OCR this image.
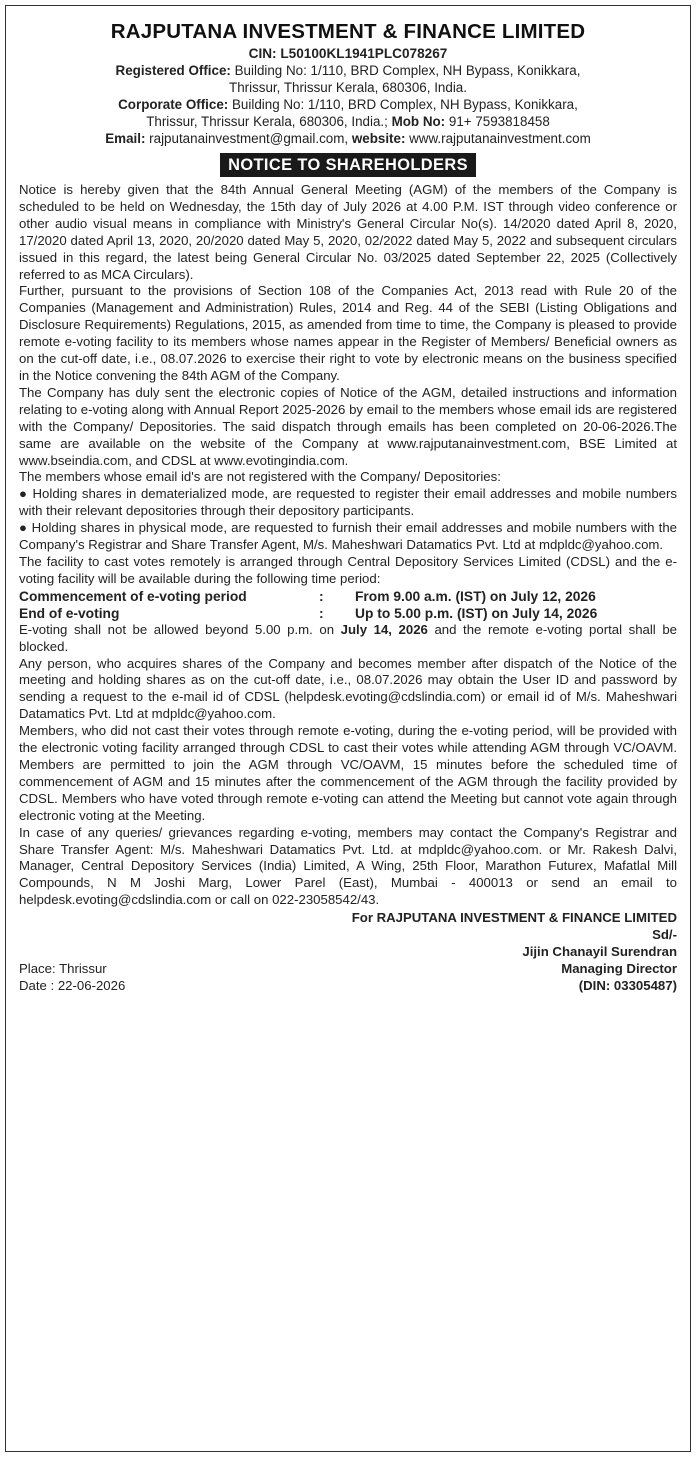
RAJPUTANA INVESTMENT & FINANCE LIMITED
CIN: L50100KL1941PLC078267
Registered Office: Building No: 1/110, BRD Complex, NH Bypass, Konikkara,
Thrissur, Thrissur Kerala, 680306, India.
Corporate Office: Building No: 1/110, BRD Complex, NH Bypass, Konikkara,
Thrissur, Thrissur Kerala, 680306, India.; Mob No: 91+ 7593818458
Email: rajputanainvestment@gmail.com, website: www.rajputanainvestment.com
NOTICE TO SHAREHOLDERS

Notice is hereby given that the 84th Annual General Meeting (AGM) of the members of the Company is scheduled to be held on Wednesday, the 15th day of July 2026 at 4.00 P.M. IST through video conference or other audio visual means in compliance with Ministry's General Circular No(s). 14/2020 dated April 8, 2020, 17/2020 dated April 13, 2020, 20/2020 dated May 5, 2020, 02/2022 dated May 5, 2022 and subsequent circulars issued in this regard, the latest being General Circular No. 03/2025 dated September 22, 2025 (Collectively referred to as MCA Circulars).

Further, pursuant to the provisions of Section 108 of the Companies Act, 2013 read with Rule 20 of the Companies (Management and Administration) Rules, 2014 and Reg. 44 of the SEBI (Listing Obligations and Disclosure Requirements) Regulations, 2015, as amended from time to time, the Company is pleased to provide remote e-voting facility to its members whose names appear in the Register of Members/ Beneficial owners as on the cut-off date, i.e., 08.07.2026 to exercise their right to vote by electronic means on the business specified in the Notice convening the 84th AGM of the Company.

The Company has duly sent the electronic copies of Notice of the AGM, detailed instructions and information relating to e-voting along with Annual Report 2025-2026 by email to the members whose email ids are registered with the Company/ Depositories. The said dispatch through emails has been completed on 20-06-2026.The same are available on the website of the Company at www.rajputanainvestment.com, BSE Limited at www.bseindia.com, and CDSL at www.evotingindia.com.

The members whose email id's are not registered with the Company/ Depositories:

● Holding shares in dematerialized mode, are requested to register their email addresses and mobile numbers with their relevant depositories through their depository participants.

● Holding shares in physical mode, are requested to furnish their email addresses and mobile numbers with the Company's Registrar and Share Transfer Agent, M/s. Maheshwari Datamatics Pvt. Ltd at mdpldc@yahoo.com.

The facility to cast votes remotely is arranged through Central Depository Services Limited (CDSL) and the e-voting facility will be available during the following time period:

Commencement of e-voting period	:	From 9.00 a.m. (IST) on July 12, 2026
End of e-voting	:	Up to 5.00 p.m. (IST) on July 14, 2026

E-voting shall not be allowed beyond 5.00 p.m. on July 14, 2026 and the remote e-voting portal shall be blocked.

Any person, who acquires shares of the Company and becomes member after dispatch of the Notice of the meeting and holding shares as on the cut-off date, i.e., 08.07.2026 may obtain the User ID and password by sending a request to the e-mail id of CDSL (helpdesk.evoting@cdslindia.com) or email id of M/s. Maheshwari Datamatics Pvt. Ltd at mdpldc@yahoo.com.

Members, who did not cast their votes through remote e-voting, during the e-voting period, will be provided with the electronic voting facility arranged through CDSL to cast their votes while attending AGM through VC/OAVM. Members are permitted to join the AGM through VC/OAVM, 15 minutes before the scheduled time of commencement of AGM and 15 minutes after the commencement of the AGM through the facility provided by CDSL. Members who have voted through remote e-voting can attend the Meeting but cannot vote again through electronic voting at the Meeting.

In case of any queries/ grievances regarding e-voting, members may contact the Company's Registrar and Share Transfer Agent: M/s. Maheshwari Datamatics Pvt. Ltd. at mdpldc@yahoo.com. or Mr. Rakesh Dalvi, Manager, Central Depository Services (India) Limited, A Wing, 25th Floor, Marathon Futurex, Mafatlal Mill Compounds, N M Joshi Marg, Lower Parel (East), Mumbai - 400013 or send an email to helpdesk.evoting@cdslindia.com or call on 022-23058542/43.

For RAJPUTANA INVESTMENT & FINANCE LIMITED
Sd/-
Jijin Chanayil Surendran
Place: Thrissur	Managing Director
Date : 22-06-2026	(DIN: 03305487)
